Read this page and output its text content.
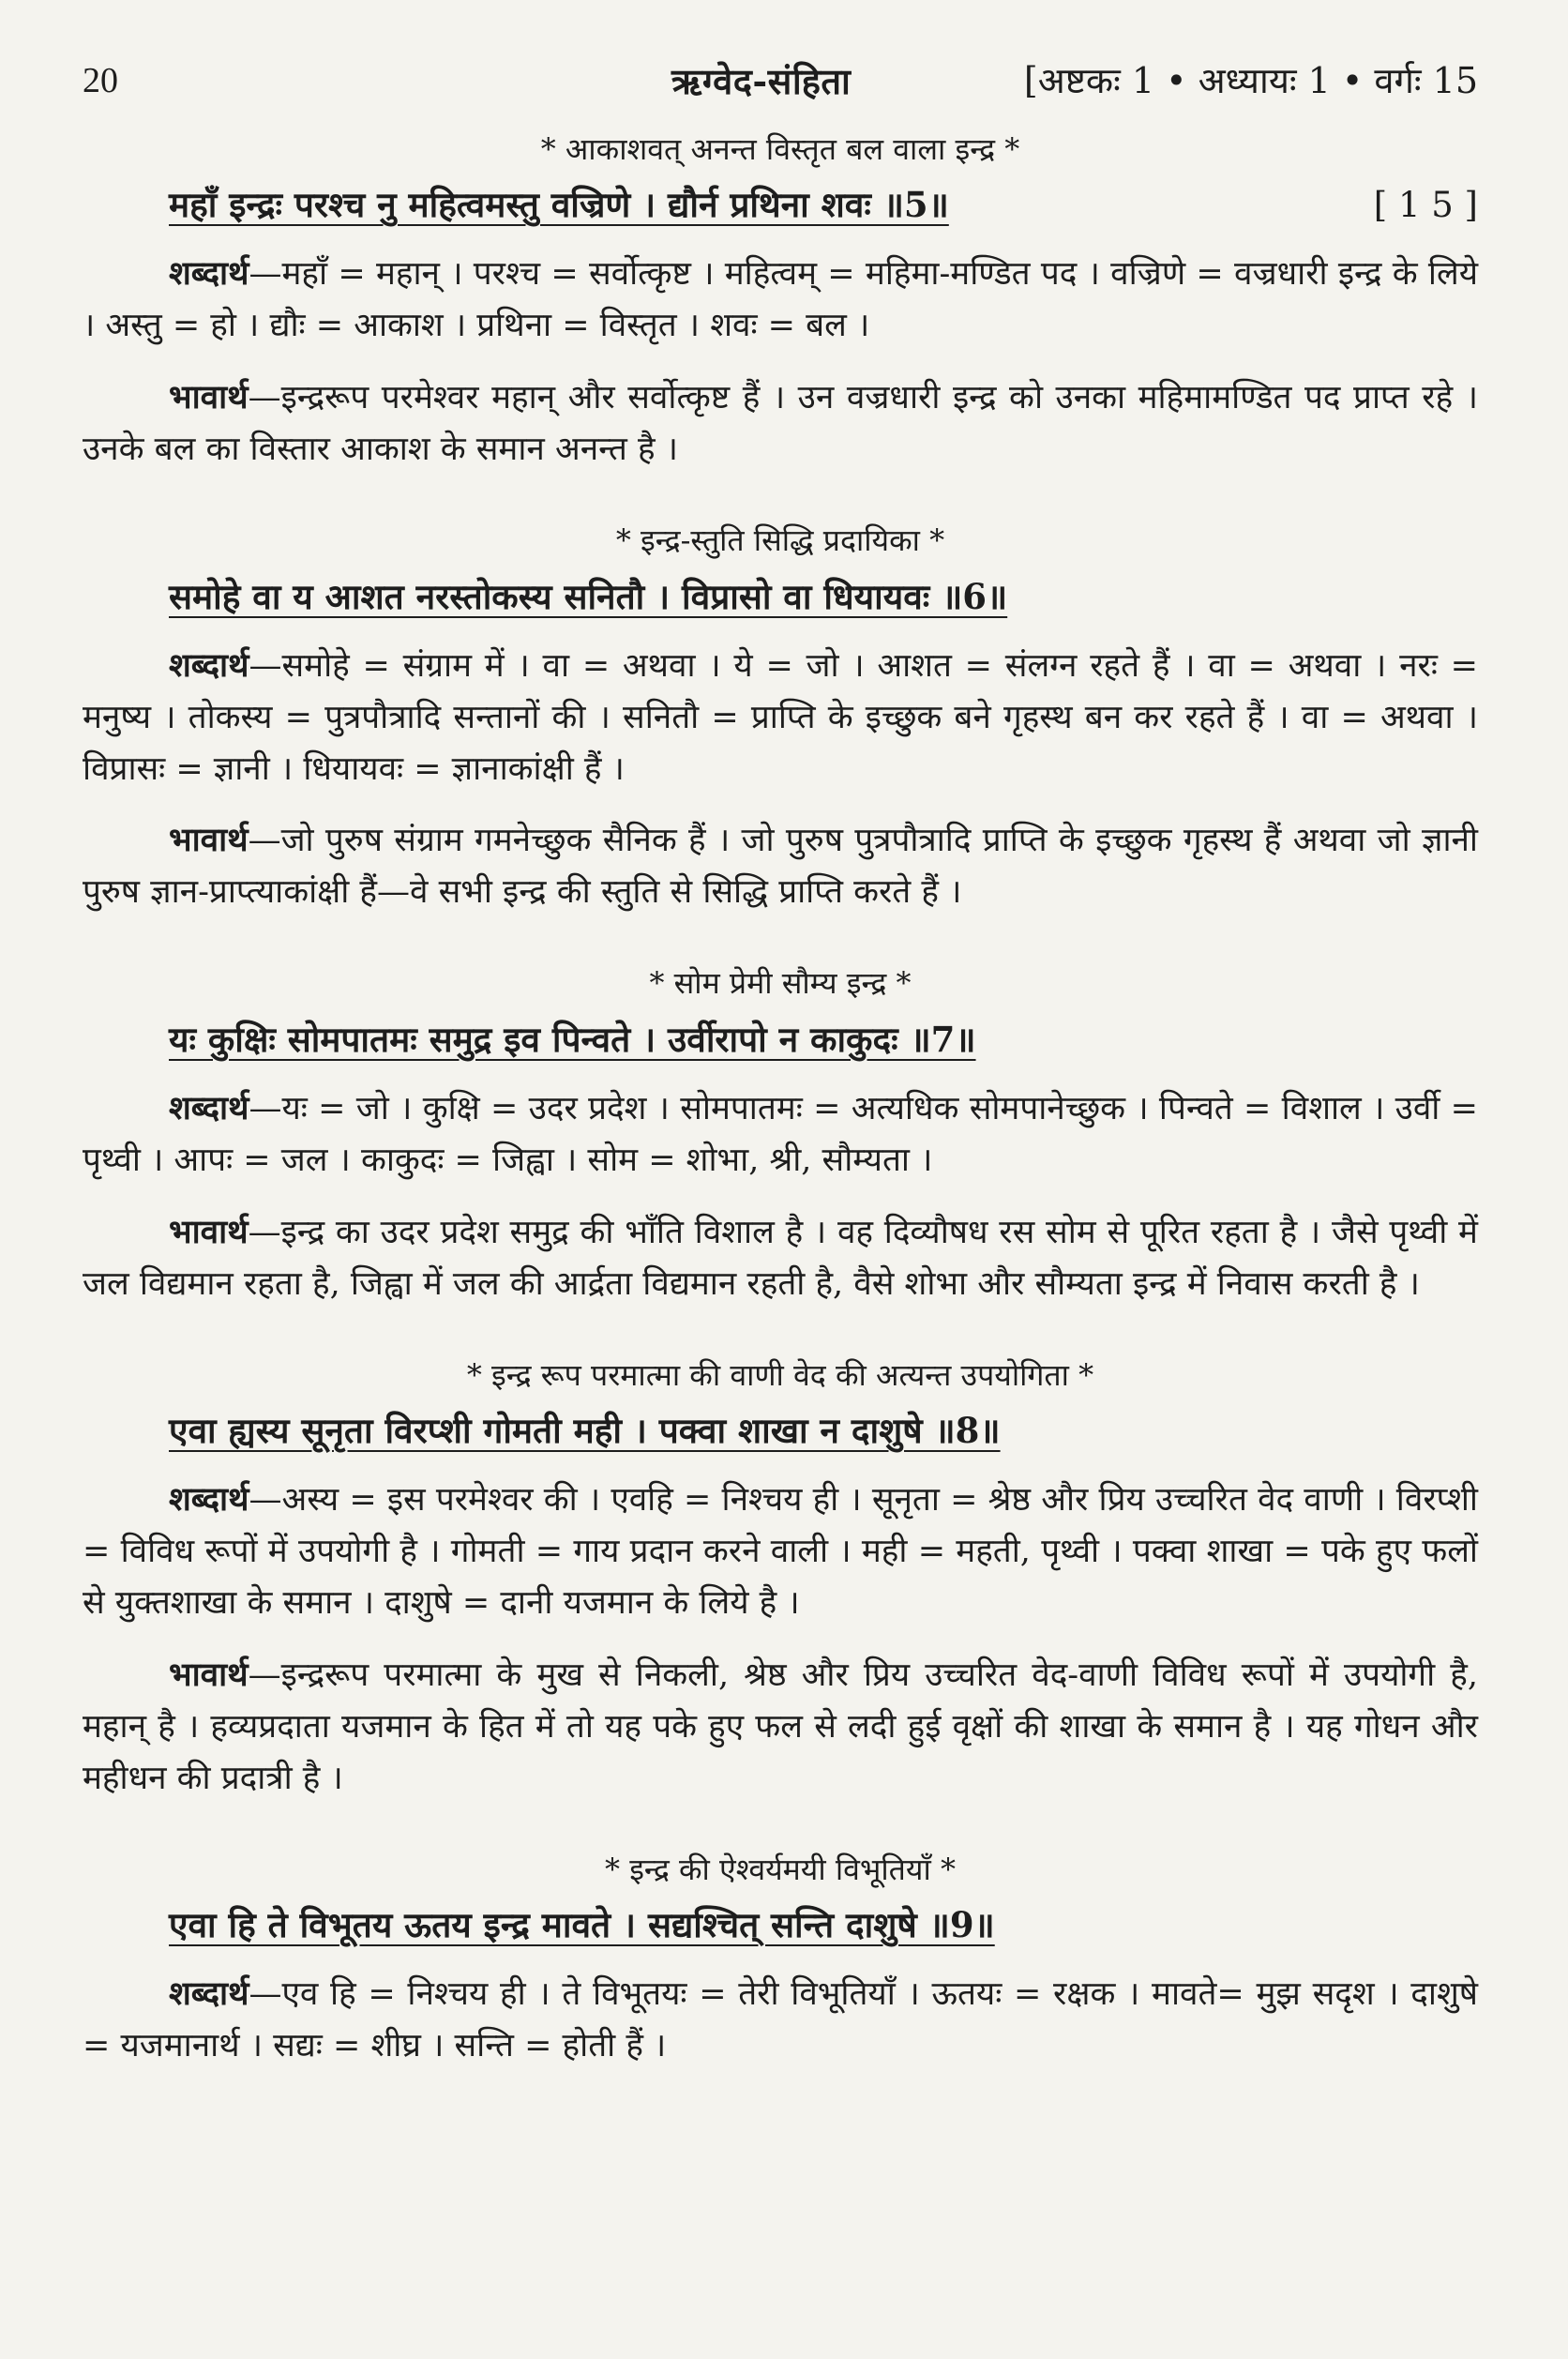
20	ऋग्वेद-संहिता	[अष्टकः 1 • अध्यायः 1 • वर्गः 15
* आकाशवत् अनन्त विस्तृत बल वाला इन्द्र *
महाँ इन्द्रः परश्च नु महित्वमस्तु वज्रिणे । द्यौर्न प्रथिना शवः ॥5॥	[ 1 5 ]

शब्दार्थ—महाँ = महान् । परश्च = सर्वोत्कृष्ट । महित्वम् = महिमा-मण्डित पद । वज्रिणे = वज्रधारी इन्द्र के लिये । अस्तु = हो । द्यौः = आकाश । प्रथिना = विस्तृत । शवः = बल ।

भावार्थ—इन्द्ररूप परमेश्वर महान् और सर्वोत्कृष्ट हैं । उन वज्रधारी इन्द्र को उनका महिमामण्डित पद प्राप्त रहे । उनके बल का विस्तार आकाश के समान अनन्त है ।

* इन्द्र-स्तुति सिद्धि प्रदायिका *
समोहे वा य आशत नरस्तोकस्य सनितौ । विप्रासो वा धियायवः ॥6॥

शब्दार्थ—समोहे = संग्राम में । वा = अथवा । ये = जो । आशत = संलग्न रहते हैं । वा = अथवा । नरः = मनुष्य । तोकस्य = पुत्रपौत्रादि सन्तानों की । सनितौ = प्राप्ति के इच्छुक बने गृहस्थ बन कर रहते हैं । वा = अथवा । विप्रासः = ज्ञानी । धियायवः = ज्ञानाकांक्षी हैं ।

भावार्थ—जो पुरुष संग्राम गमनेच्छुक सैनिक हैं । जो पुरुष पुत्रपौत्रादि प्राप्ति के इच्छुक गृहस्थ हैं अथवा जो ज्ञानी पुरुष ज्ञान-प्राप्त्याकांक्षी हैं—वे सभी इन्द्र की स्तुति से सिद्धि प्राप्ति करते हैं ।

* सोम प्रेमी सौम्य इन्द्र *
यः कुक्षिः सोमपातमः समुद्र इव पिन्वते । उर्वीरापो न काकुदः ॥7॥

शब्दार्थ—यः = जो । कुक्षि = उदर प्रदेश । सोमपातमः = अत्यधिक सोमपानेच्छुक । पिन्वते = विशाल । उर्वी = पृथ्वी । आपः = जल । काकुदः = जिह्वा । सोम = शोभा, श्री, सौम्यता ।

भावार्थ—इन्द्र का उदर प्रदेश समुद्र की भाँति विशाल है । वह दिव्यौषध रस सोम से पूरित रहता है । जैसे पृथ्वी में जल विद्यमान रहता है, जिह्वा में जल की आर्द्रता विद्यमान रहती है, वैसे शोभा और सौम्यता इन्द्र में निवास करती है ।

* इन्द्र रूप परमात्मा की वाणी वेद की अत्यन्त उपयोगिता *
एवा ह्यस्य सूनृता विरप्शी गोमती मही । पक्वा शाखा न दाशुषे ॥8॥

शब्दार्थ—अस्य = इस परमेश्वर की । एवहि = निश्चय ही । सूनृता = श्रेष्ठ और प्रिय उच्चरित वेद वाणी । विरप्शी = विविध रूपों में उपयोगी है । गोमती = गाय प्रदान करने वाली । मही = महती, पृथ्वी । पक्वा शाखा = पके हुए फलों से युक्तशाखा के समान । दाशुषे = दानी यजमान के लिये है ।

भावार्थ—इन्द्ररूप परमात्मा के मुख से निकली, श्रेष्ठ और प्रिय उच्चरित वेद-वाणी विविध रूपों में उपयोगी है, महान् है । हव्यप्रदाता यजमान के हित में तो यह पके हुए फल से लदी हुई वृक्षों की शाखा के समान है । यह गोधन और महीधन की प्रदात्री है ।

* इन्द्र की ऐश्वर्यमयी विभूतियाँ *
एवा हि ते विभूतय ऊतय इन्द्र मावते । सद्यश्चित् सन्ति दाशुषे ॥9॥

शब्दार्थ—एव हि = निश्चय ही । ते विभूतयः = तेरी विभूतियाँ । ऊतयः = रक्षक । मावते= मुझ सदृश । दाशुषे = यजमानार्थ । सद्यः = शीघ्र । सन्ति = होती हैं ।
